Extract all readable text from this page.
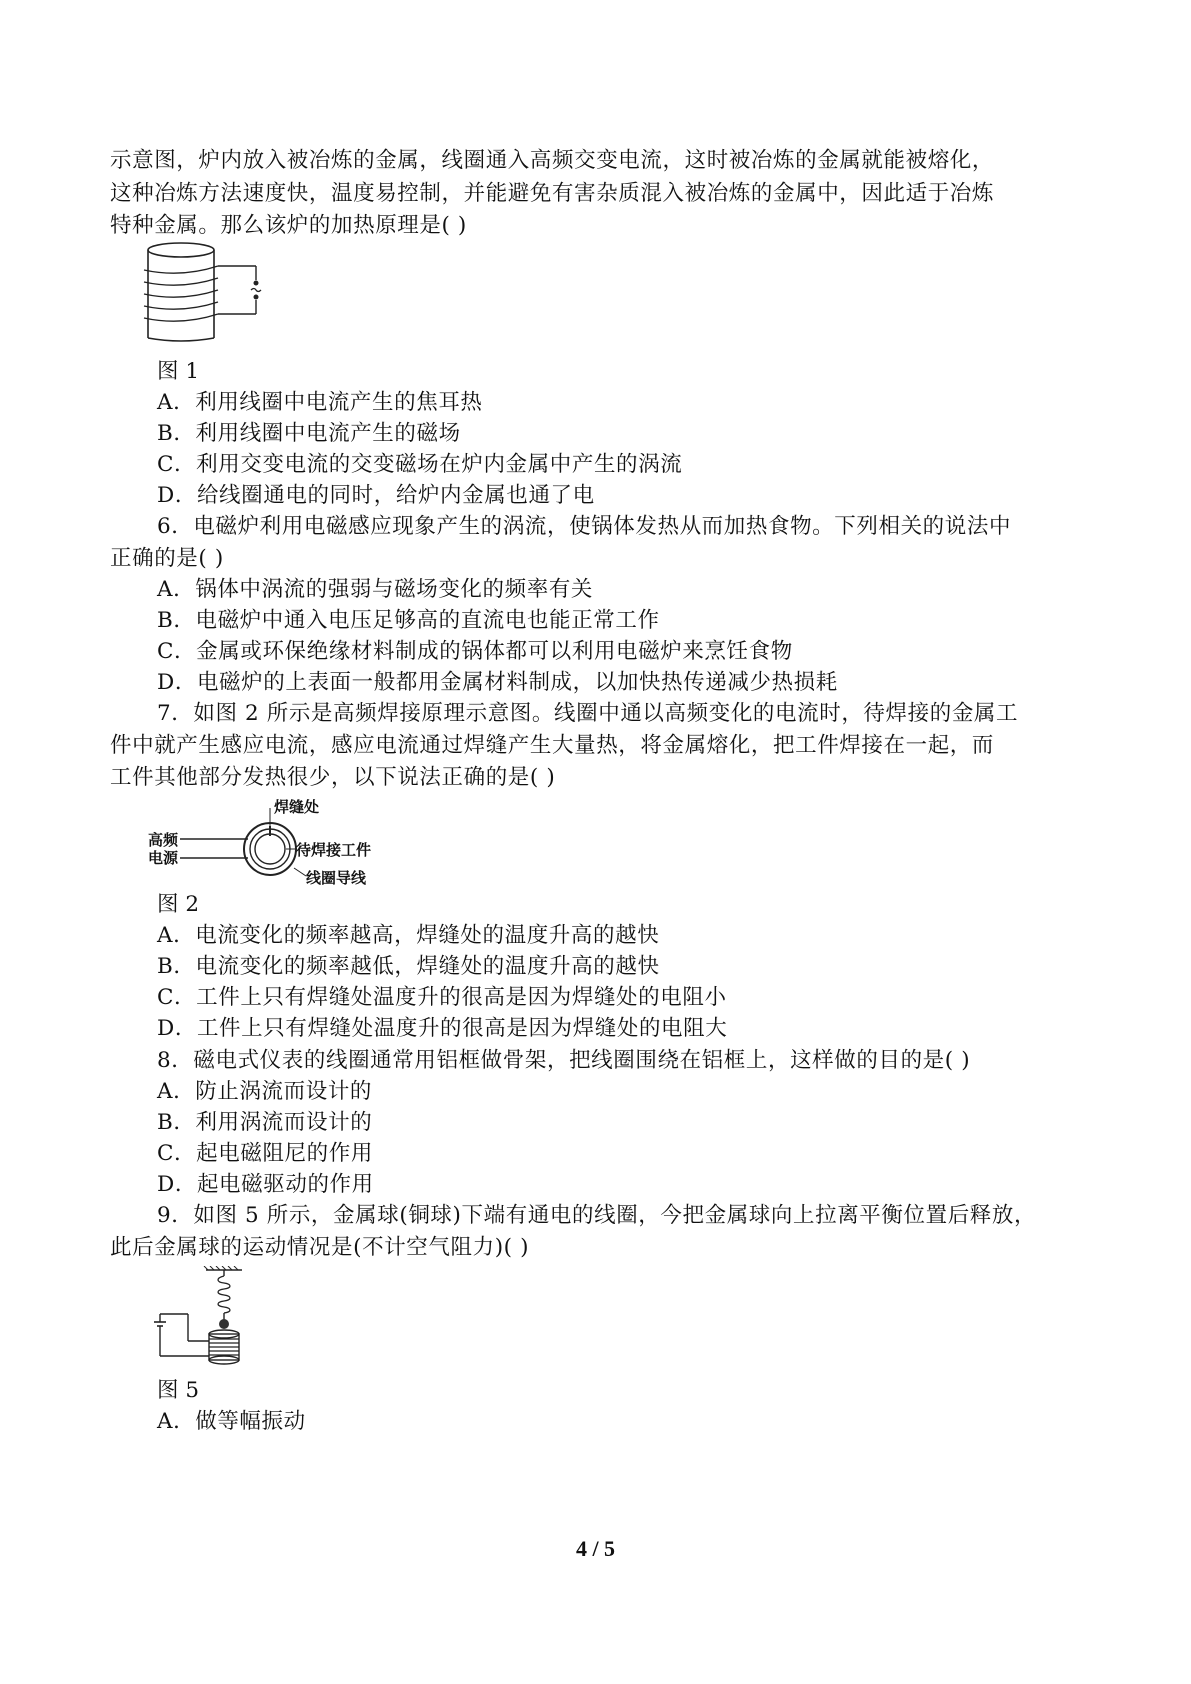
示意图，炉内放入被冶炼的金属，线圈通入高频交变电流，这时被冶炼的金属就能被熔化，
这种冶炼方法速度快，温度易控制，并能避免有害杂质混入被冶炼的金属中，因此适于冶炼
特种金属。那么该炉的加热原理是( )
图 1
A．利用线圈中电流产生的焦耳热
B．利用线圈中电流产生的磁场
C．利用交变电流的交变磁场在炉内金属中产生的涡流
D．给线圈通电的同时，给炉内金属也通了电
6．电磁炉利用电磁感应现象产生的涡流，使锅体发热从而加热食物。下列相关的说法中
正确的是( )
A．锅体中涡流的强弱与磁场变化的频率有关
B．电磁炉中通入电压足够高的直流电也能正常工作
C．金属或环保绝缘材料制成的锅体都可以利用电磁炉来烹饪食物
D．电磁炉的上表面一般都用金属材料制成，以加快热传递减少热损耗
7．如图 2 所示是高频焊接原理示意图。线圈中通以高频变化的电流时，待焊接的金属工
件中就产生感应电流，感应电流通过焊缝产生大量热，将金属熔化，把工件焊接在一起，而
工件其他部分发热很少，以下说法正确的是( )
高频
电源
焊缝处
待焊接工件
线圈导线
图 2
A．电流变化的频率越高，焊缝处的温度升高的越快
B．电流变化的频率越低，焊缝处的温度升高的越快
C．工件上只有焊缝处温度升的很高是因为焊缝处的电阻小
D．工件上只有焊缝处温度升的很高是因为焊缝处的电阻大
8．磁电式仪表的线圈通常用铝框做骨架，把线圈围绕在铝框上，这样做的目的是( )
A．防止涡流而设计的
B．利用涡流而设计的
C．起电磁阻尼的作用
D．起电磁驱动的作用
9．如图 5 所示，金属球(铜球)下端有通电的线圈，今把金属球向上拉离平衡位置后释放，
此后金属球的运动情况是(不计空气阻力)( )
图 5
A．做等幅振动
4 / 5
